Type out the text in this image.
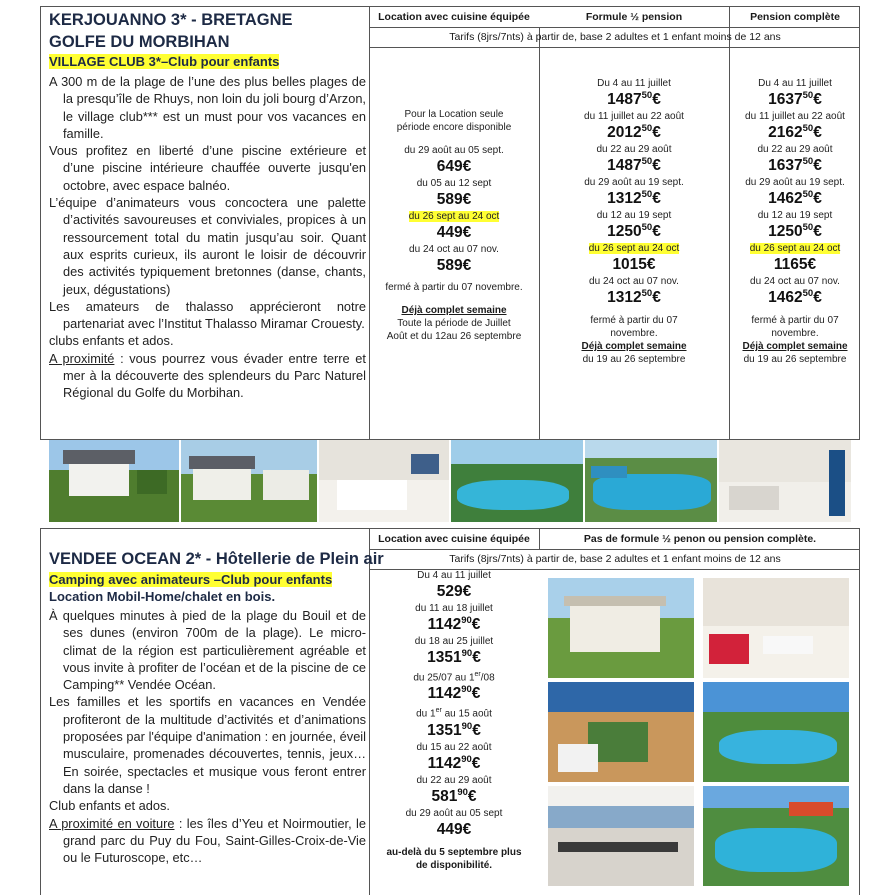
KERJOUANNO 3* - BRETAGNE
GOLFE DU MORBIHAN
VILLAGE CLUB 3*–Club pour enfants

A 300 m de la plage de l’une des plus belles plages de la presqu’île de Rhuys, non loin du joli bourg d’Arzon, le village club*** est un must pour vos vacances en famille.

Vous profitez en liberté d’une piscine extérieure et d’une piscine intérieure chauffée ouverte jusqu'en octobre, avec espace balnéo.

L’équipe d’animateurs vous concoctera une palette d’activités savoureuses et conviviales, propices à un ressourcement total du matin jusqu’au soir. Quant aux esprits curieux, ils auront le loisir de découvrir des activités typiquement bretonnes (danse, chants, jeux, dégustations)

Les amateurs de thalasso apprécieront notre partenariat avec l’Institut Thalasso Miramar Crouesty.

clubs enfants et ados.

A proximité : vous pourrez vous évader entre terre et mer à la découverte des splendeurs du Parc Naturel Régional du Golfe du Morbihan.

Location avec cuisine équipée	Formule ½ pension	Pension complète
Tarifs (8jrs/7nts) à partir de, base 2 adultes et 1 enfant moins de 12 ans
Pour la Location seule
période encore disponible
du 29 août au 05 sept.
649€
du 05 au 12 sept
589€
du 26 sept au 24 oct
449€
du 24 oct au 07 nov.
589€
fermé à partir du 07 novembre.
Déjà complet semaine
Toute la période de Juillet
Août et du 12au 26 septembre
Du 4 au 11 juillet
1487$^{50}$€
du 11 juillet au 22 août
2012$^{50}$€
du 22 au 29 août
1487$^{50}$€
du 29 août au 19 sept.
1312$^{50}$€
du 12 au 19 sept
1250$^{50}$€
du 26 sept au 24 oct
1015€
du 24 oct au 07 nov.
1312$^{50}$€
fermé à partir du 07
novembre.
Déjà complet semaine
du 19 au 26 septembre
Du 4 au 11 juillet
1637$^{50}$€
du 11 juillet au 22 août
2162$^{50}$€
du 22 au 29 août
1637$^{50}$€
du 29 août au 19 sept.
1462$^{50}$€
du 12 au 19 sept
1250$^{50}$€
du 26 sept au 24 oct
1165€
du 24 oct au 07 nov.
1462$^{50}$€
fermé à partir du 07
novembre.
Déjà complet semaine
du 19 au 26 septembre
VENDEE OCEAN 2* - Hôtellerie de Plein air
Camping avec animateurs –Club pour enfants
Location Mobil-Home/chalet en bois.

À quelques minutes à pied de la plage du Bouil et de ses dunes (environ 700m de la plage). Le micro-climat de la région est particulièrement agréable et vous invite à profiter de l’océan et de la piscine de ce Camping** Vendée Océan.

Les familles et les sportifs en vacances en Vendée profiteront de la multitude d’activités et d’animations proposées par l'équipe d'animation : en journée, éveil musculaire, promenades découvertes, tennis, jeux… En soirée, spectacles et musique vous feront entrer dans la danse !

Club enfants et ados.

A proximité en voiture : les îles d’Yeu et Noirmoutier, le grand parc du Puy du Fou, Saint-Gilles-Croix-de-Vie ou le Futuroscope, etc…

Location avec cuisine équipée	Pas de formule ½ penon ou pension complète.
Tarifs (8jrs/7nts) à partir de, base 2 adultes et 1 enfant moins de 12 ans
Du 4 au 11 juillet
529€
du 11 au 18 juillet
1142$^{90}$€
du 18 au 25 juillet
1351$^{90}$€
du 25/07 au 1er/08
1142$^{90}$€
du 1er au 15 août
1351$^{90}$€
du 15 au 22 août
1142$^{90}$€
du 22 au 29 août
$581^{90}€$
du 29 août au 05 sept
449€
au-delà du 5 septembre plus
de disponibilité.
